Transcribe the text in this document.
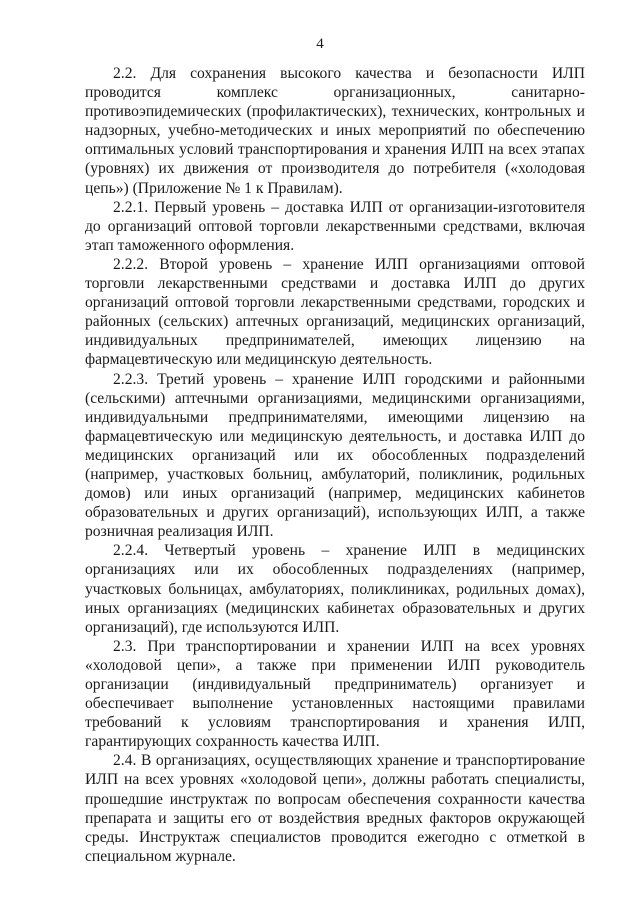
4

2.2. Для сохранения высокого качества и безопасности ИЛП проводится комплекс организационных, санитарно-противоэпидемических (профилактических), технических, контрольных и надзорных, учебно-методических и иных мероприятий по обеспечению оптимальных условий транспортирования и хранения ИЛП на всех этапах (уровнях) их движения от производителя до потребителя («холодовая цепь») (Приложение № 1 к Правилам).

2.2.1. Первый уровень – доставка ИЛП от организации-изготовителя до организаций оптовой торговли лекарственными средствами, включая этап таможенного оформления.

2.2.2. Второй уровень – хранение ИЛП организациями оптовой торговли лекарственными средствами и доставка ИЛП до других организаций оптовой торговли лекарственными средствами, городских и районных (сельских) аптечных организаций, медицинских организаций, индивидуальных предпринимателей, имеющих лицензию на фармацевтическую или медицинскую деятельность.

2.2.3. Третий уровень – хранение ИЛП городскими и районными (сельскими) аптечными организациями, медицинскими организациями, индивидуальными предпринимателями, имеющими лицензию на фармацевтическую или медицинскую деятельность, и доставка ИЛП до медицинских организаций или их обособленных подразделений (например, участковых больниц, амбулаторий, поликлиник, родильных домов) или иных организаций (например, медицинских кабинетов образовательных и других организаций), использующих ИЛП, а также розничная реализация ИЛП.

2.2.4. Четвертый уровень – хранение ИЛП в медицинских организациях или их обособленных подразделениях (например, участковых больницах, амбулаториях, поликлиниках, родильных домах), иных организациях (медицинских кабинетах образовательных и других организаций), где используются ИЛП.

2.3. При транспортировании и хранении ИЛП на всех уровнях «холодовой цепи», а также при применении ИЛП руководитель организации (индивидуальный предприниматель) организует и обеспечивает выполнение установленных настоящими правилами требований к условиям транспортирования и хранения ИЛП, гарантирующих сохранность качества ИЛП.

2.4. В организациях, осуществляющих хранение и транспортирование ИЛП на всех уровнях «холодовой цепи», должны работать специалисты, прошедшие инструктаж по вопросам обеспечения сохранности качества препарата и защиты его от воздействия вредных факторов окружающей среды. Инструктаж специалистов проводится ежегодно с отметкой в специальном журнале.
